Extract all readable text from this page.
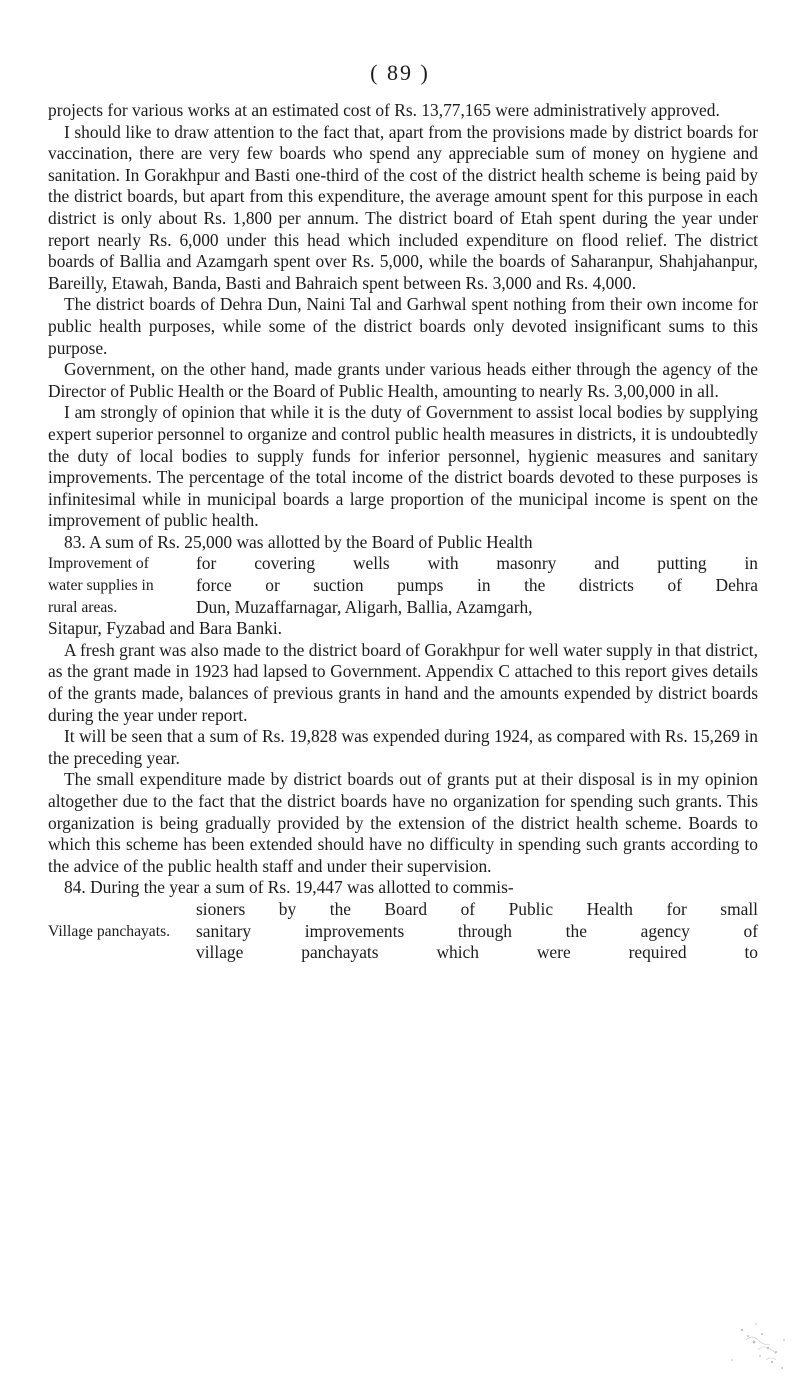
( 89 )

projects for various works at an estimated cost of Rs. 13,77,165 were administratively approved.

I should like to draw attention to the fact that, apart from the provisions made by district boards for vaccination, there are very few boards who spend any appreciable sum of money on hygiene and sanitation. In Gorakhpur and Basti one-third of the cost of the district health scheme is being paid by the district boards, but apart from this expenditure, the average amount spent for this purpose in each district is only about Rs. 1,800 per annum. The district board of Etah spent during the year under report nearly Rs. 6,000 under this head which included expenditure on flood relief. The district boards of Ballia and Azamgarh spent over Rs. 5,000, while the boards of Saharanpur, Shahjahanpur, Bareilly, Etawah, Banda, Basti and Bahraich spent between Rs. 3,000 and Rs. 4,000.

The district boards of Dehra Dun, Naini Tal and Garhwal spent nothing from their own income for public health purposes, while some of the district boards only devoted insignificant sums to this purpose.

Government, on the other hand, made grants under various heads either through the agency of the Director of Public Health or the Board of Public Health, amounting to nearly Rs. 3,00,000 in all.

I am strongly of opinion that while it is the duty of Government to assist local bodies by supplying expert superior personnel to organize and control public health measures in districts, it is undoubtedly the duty of local bodies to supply funds for inferior personnel, hygienic measures and sanitary improvements. The percentage of the total income of the district boards devoted to these purposes is infinitesimal while in municipal boards a large proportion of the municipal income is spent on the improvement of public health.

83. A sum of Rs. 25,000 was allotted by the Board of Public Health

Improvement of
water supplies in
rural areas.
for covering wells with masonry and putting in
force or suction pumps in the districts of Dehra
Dun, Muzaffarnagar, Aligarh, Ballia, Azamgarh,

Sitapur, Fyzabad and Bara Banki.

A fresh grant was also made to the district board of Gorakhpur for well water supply in that district, as the grant made in 1923 had lapsed to Government. Appendix C attached to this report gives details of the grants made, balances of previous grants in hand and the amounts expended by district boards during the year under report.

It will be seen that a sum of Rs. 19,828 was expended during 1924, as compared with Rs. 15,269 in the preceding year.

The small expenditure made by district boards out of grants put at their disposal is in my opinion altogether due to the fact that the district boards have no organization for spending such grants. This organization is being gradually provided by the extension of the district health scheme. Boards to which this scheme has been extended should have no difficulty in spending such grants according to the advice of the public health staff and under their supervision.

84. During the year a sum of Rs. 19,447 was allotted to commis-

Village panchayats.
sioners by the Board of Public Health for small
sanitary improvements through the agency of
village panchayats which were required to
